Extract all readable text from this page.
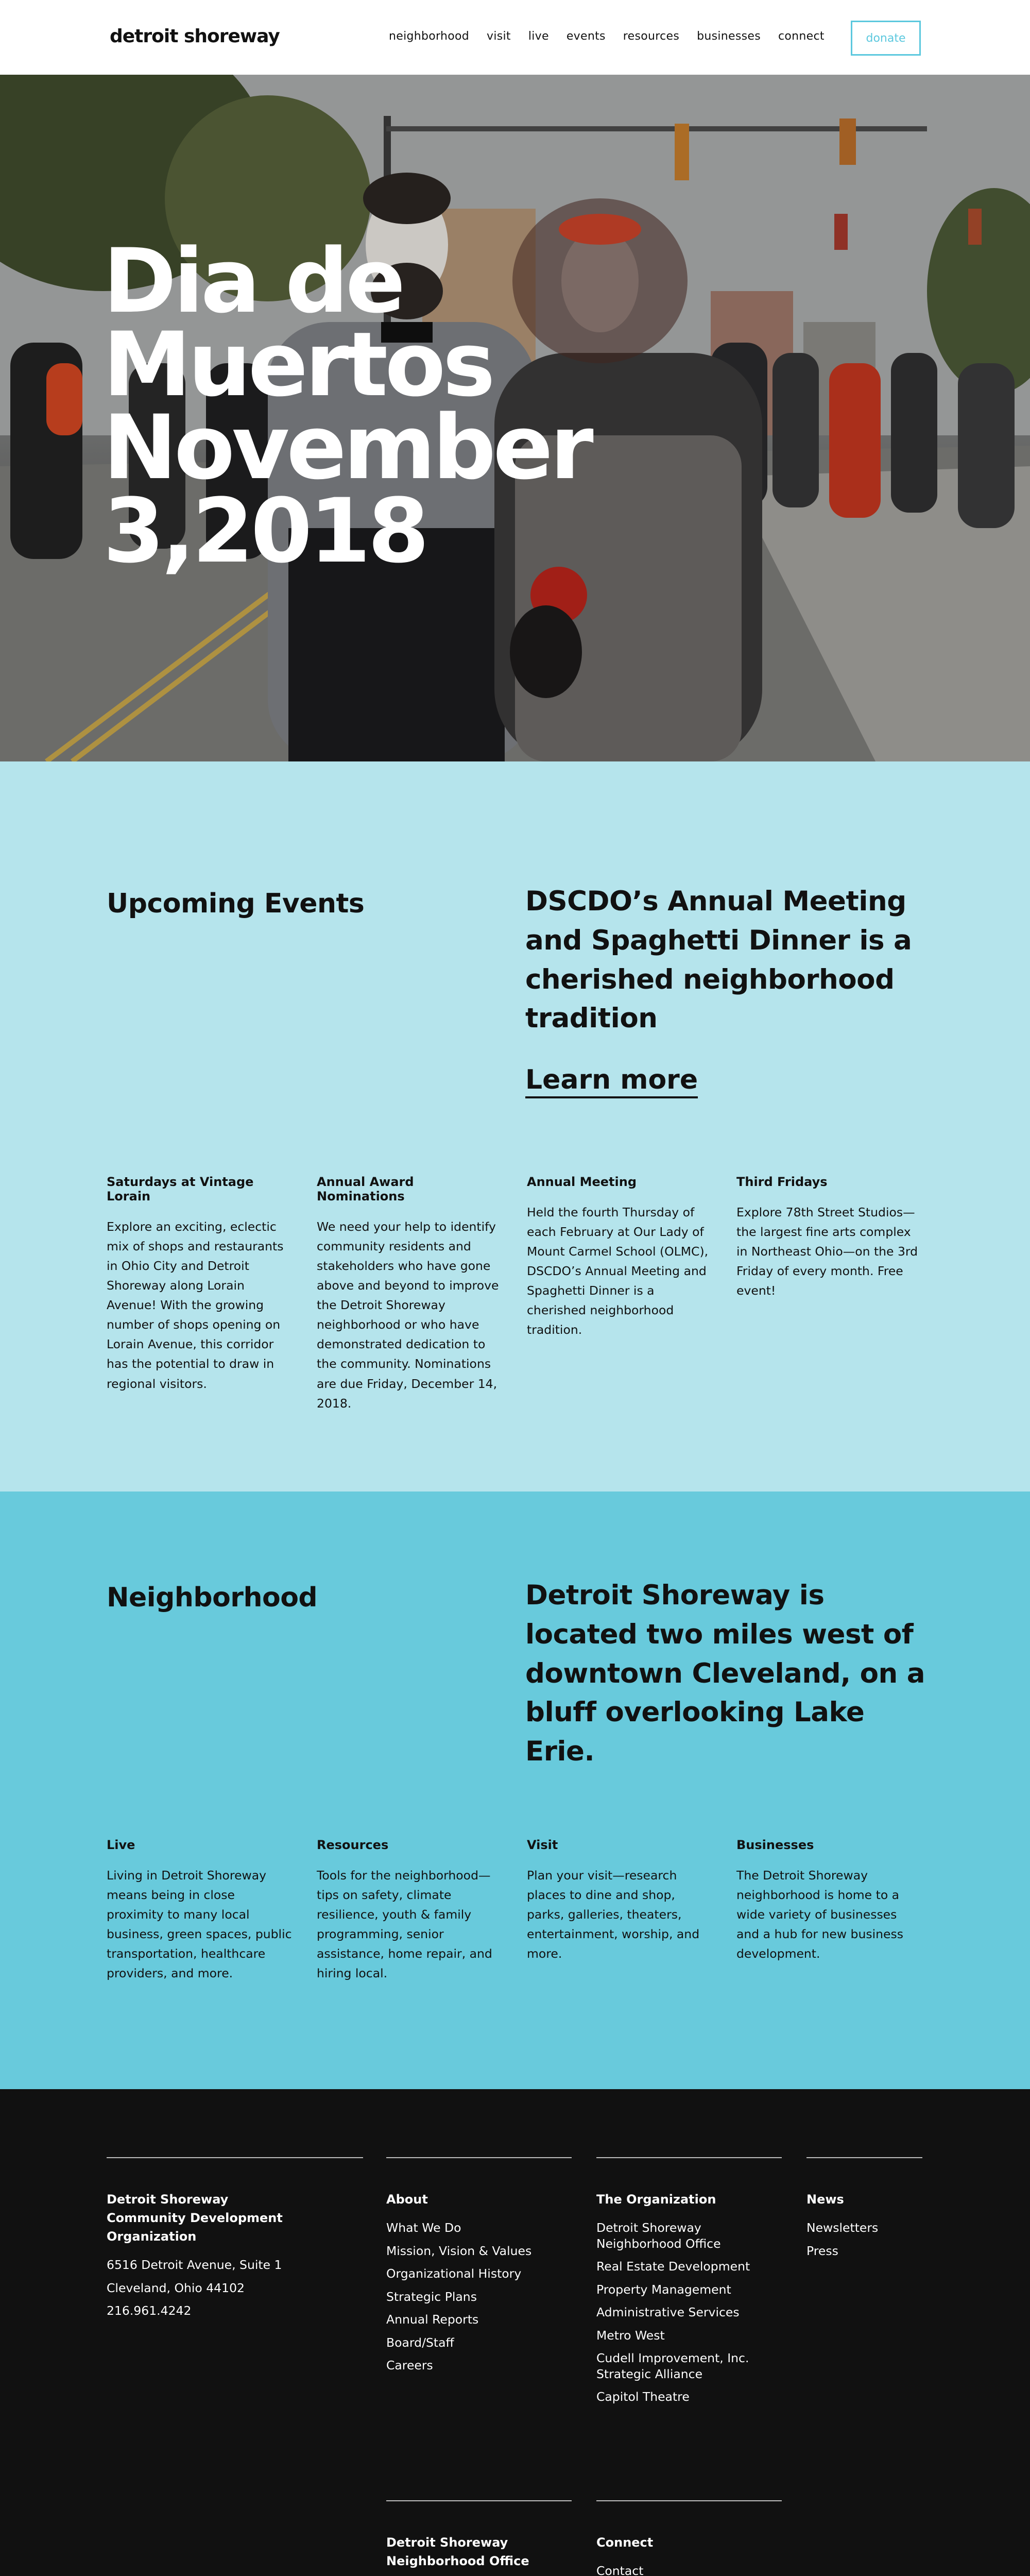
detroit shoreway	neighborhood visit live events resources businesses connect	donate
Dia de Muertos November 3,2018
Upcoming Events	DSCDO’s Annual Meeting and Spaghetti Dinner is a cherished neighborhood tradition
Learn more
Saturdays at Vintage Lorain
Explore an exciting, eclectic mix of shops and restaurants in Ohio City and Detroit Shoreway along Lorain Avenue! With the growing number of shops opening on Lorain Avenue, this corridor has the potential to draw in regional visitors.
Annual Award Nominations
We need your help to identify community residents and stakeholders who have gone above and beyond to improve the Detroit Shoreway neighborhood or who have demonstrated dedication to the community. Nominations are due Friday, December 14, 2018.
Annual Meeting
Held the fourth Thursday of each February at Our Lady of Mount Carmel School (OLMC), DSCDO’s Annual Meeting and Spaghetti Dinner is a cherished neighborhood tradition.
Third Fridays
Explore 78th Street Studios—the largest fine arts complex in Northeast Ohio—on the 3rd Friday of every month. Free event!
Neighborhood	Detroit Shoreway is located two miles west of downtown Cleveland, on a bluff overlooking Lake Erie.
Live
Living in Detroit Shoreway means being in close proximity to many local business, green spaces, public transportation, healthcare providers, and more.
Resources
Tools for the neighborhood—tips on safety, climate resilience, youth & family programming, senior assistance, home repair, and hiring local.
Visit
Plan your visit—research places to dine and shop, parks, galleries, theaters, entertainment, worship, and more.
Businesses
The Detroit Shoreway neighborhood is home to a wide variety of businesses and a hub for new business development.
Detroit Shoreway Community Development Organization
6516 Detroit Avenue, Suite 1
Cleveland, Ohio 44102
216.961.4242
About
What We Do
Mission, Vision & Values
Organizational History
Strategic Plans
Annual Reports
Board/Staff
Careers
The Organization
Detroit Shoreway Neighborhood Office
Real Estate Development
Property Management
Administrative Services
Metro West
Cudell Improvement, Inc. Strategic Alliance
Capitol Theatre
News
Newsletters
Press
Detroit Shoreway Neighborhood Office
Connect
Contact
